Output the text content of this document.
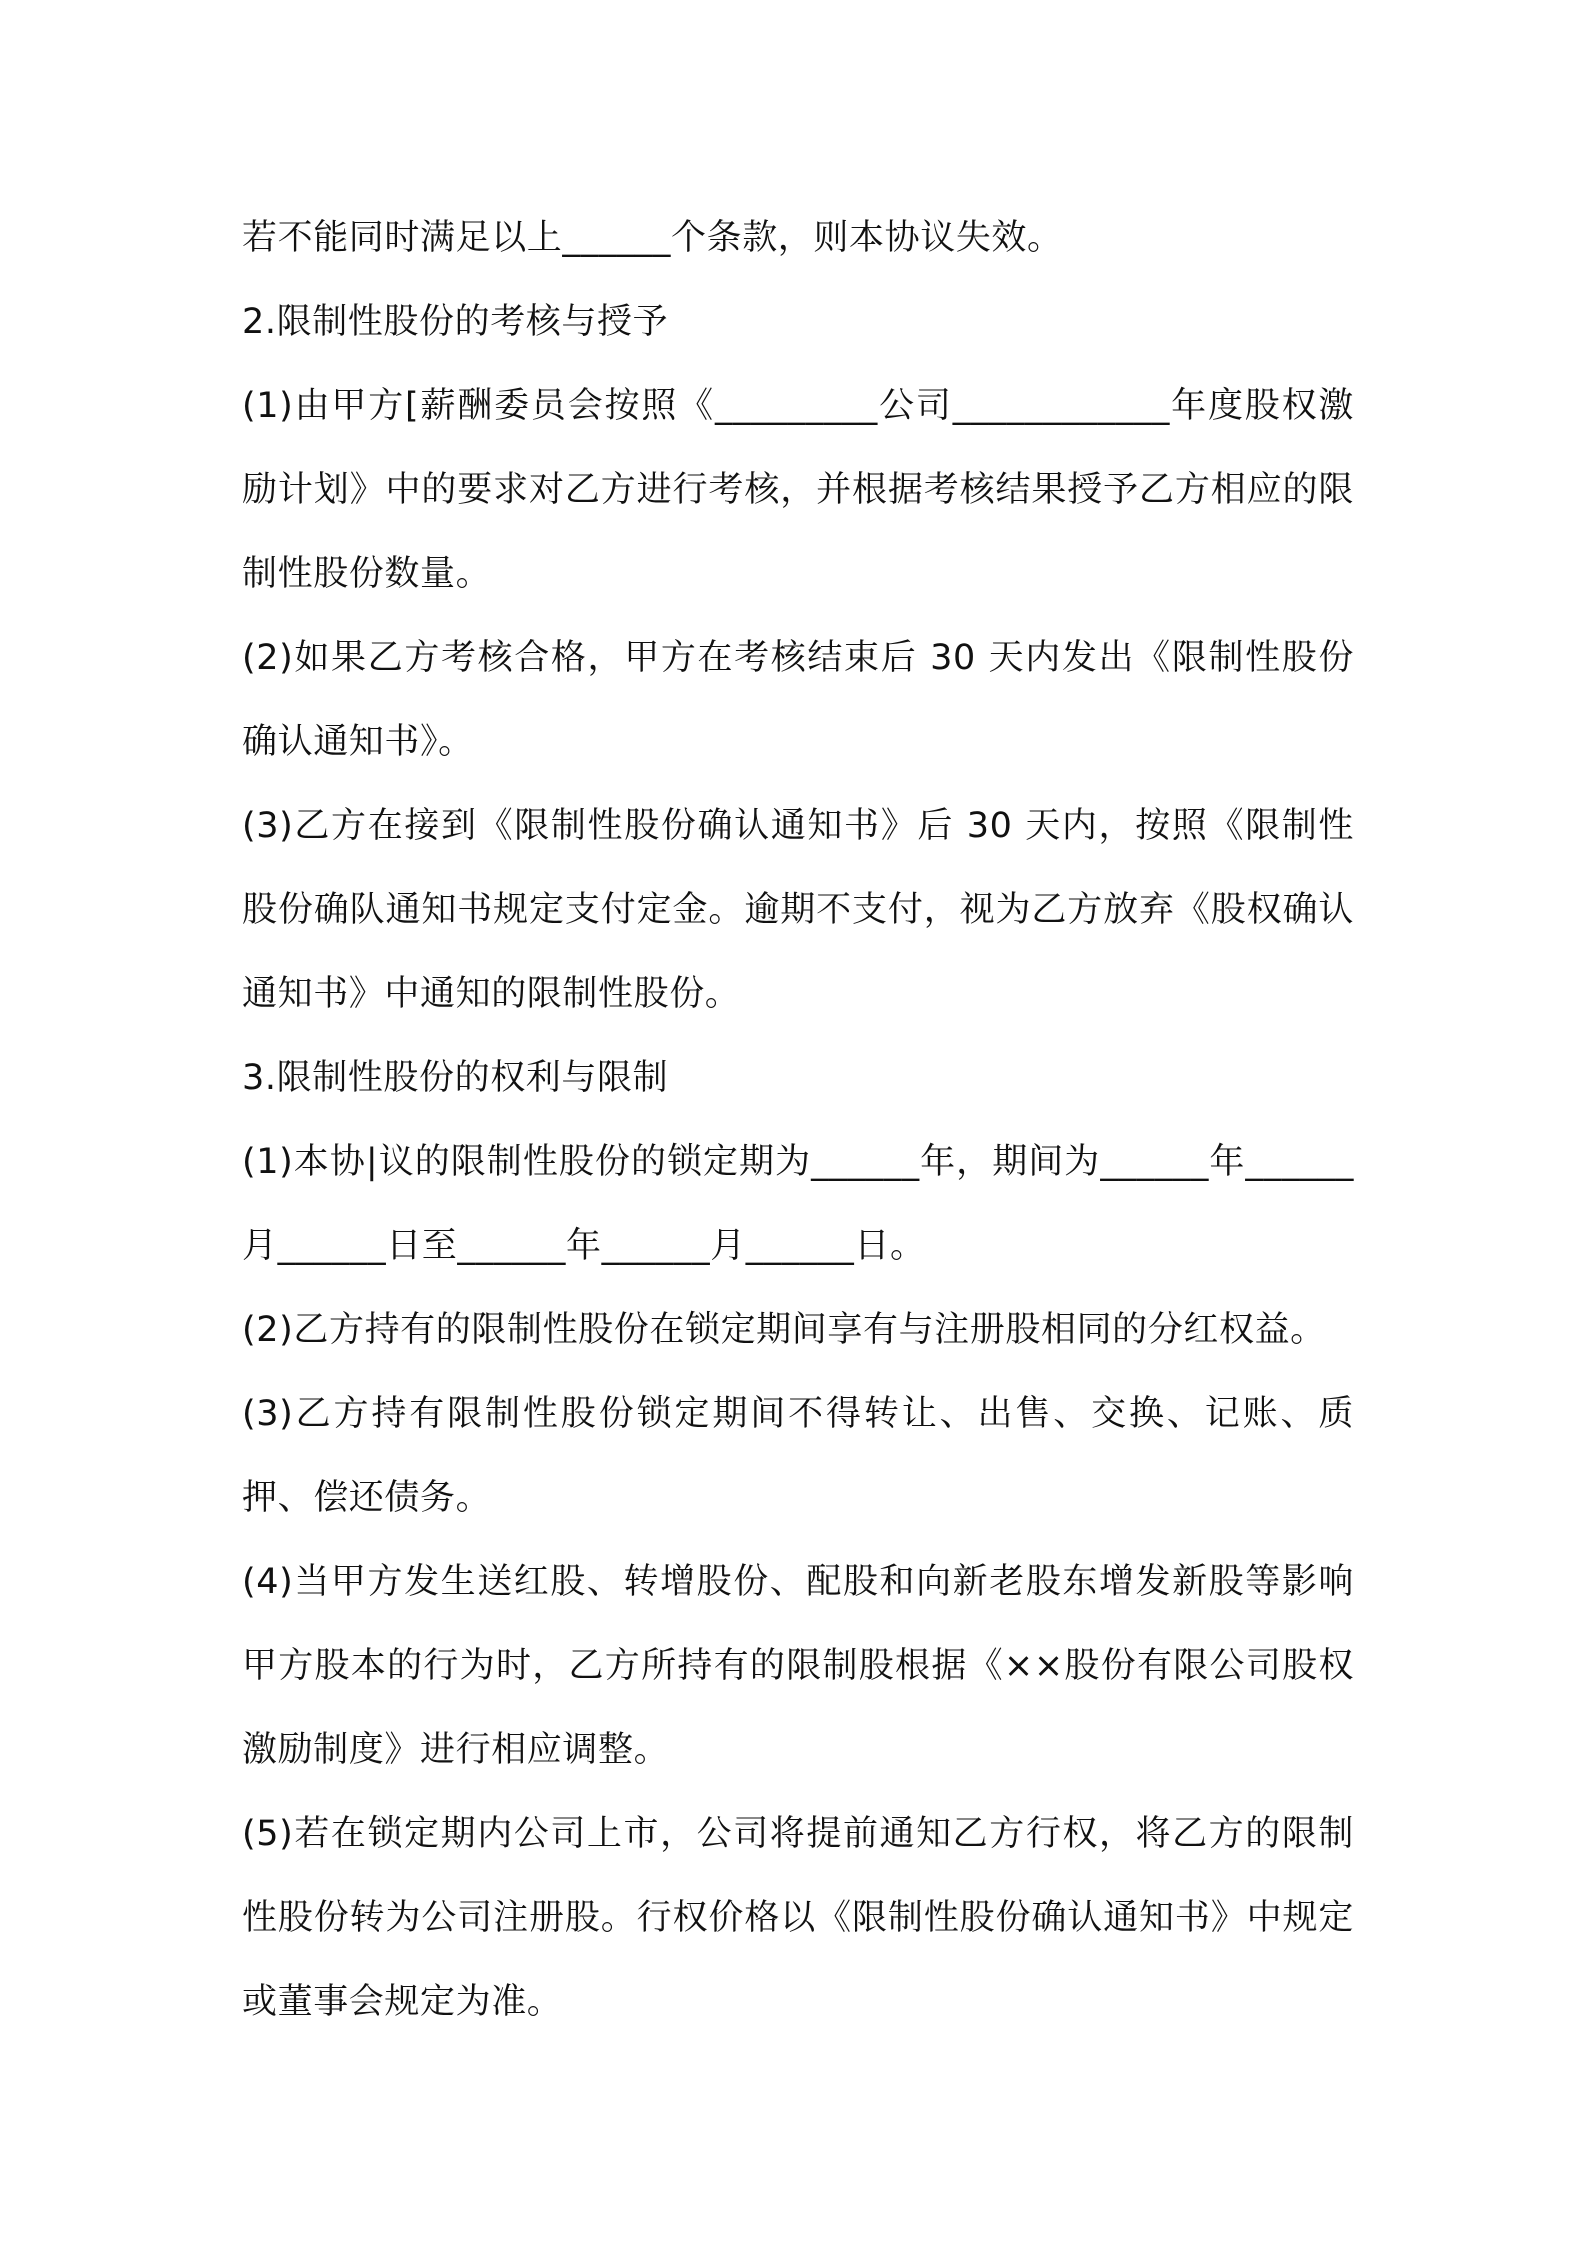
若不能同时满足以上______个条款，则本协议失效。

2.限制性股份的考核与授予

(1)由甲方[薪酬委员会按照《_________公司____________年度股权激励计划》中的要求对乙方进行考核，并根据考核结果授予乙方相应的限制性股份数量。

(2)如果乙方考核合格，甲方在考核结束后 30 天内发出《限制性股份确认通知书》。

(3)乙方在接到《限制性股份确认通知书》后 30 天内，按照《限制性股份确队通知书规定支付定金。逾期不支付，视为乙方放弃《股权确认通知书》中通知的限制性股份。

3.限制性股份的权利与限制

(1)本协|议的限制性股份的锁定期为______年，期间为______年______月______日至______年______月______日。

(2)乙方持有的限制性股份在锁定期间享有与注册股相同的分红权益。

(3)乙方持有限制性股份锁定期间不得转让、出售、交换、记账、质押、偿还债务。

(4)当甲方发生送红股、转增股份、配股和向新老股东增发新股等影响甲方股本的行为时，乙方所持有的限制股根据《××股份有限公司股权激励制度》进行相应调整。

(5)若在锁定期内公司上市，公司将提前通知乙方行权，将乙方的限制性股份转为公司注册股。行权价格以《限制性股份确认通知书》中规定或董事会规定为准。
